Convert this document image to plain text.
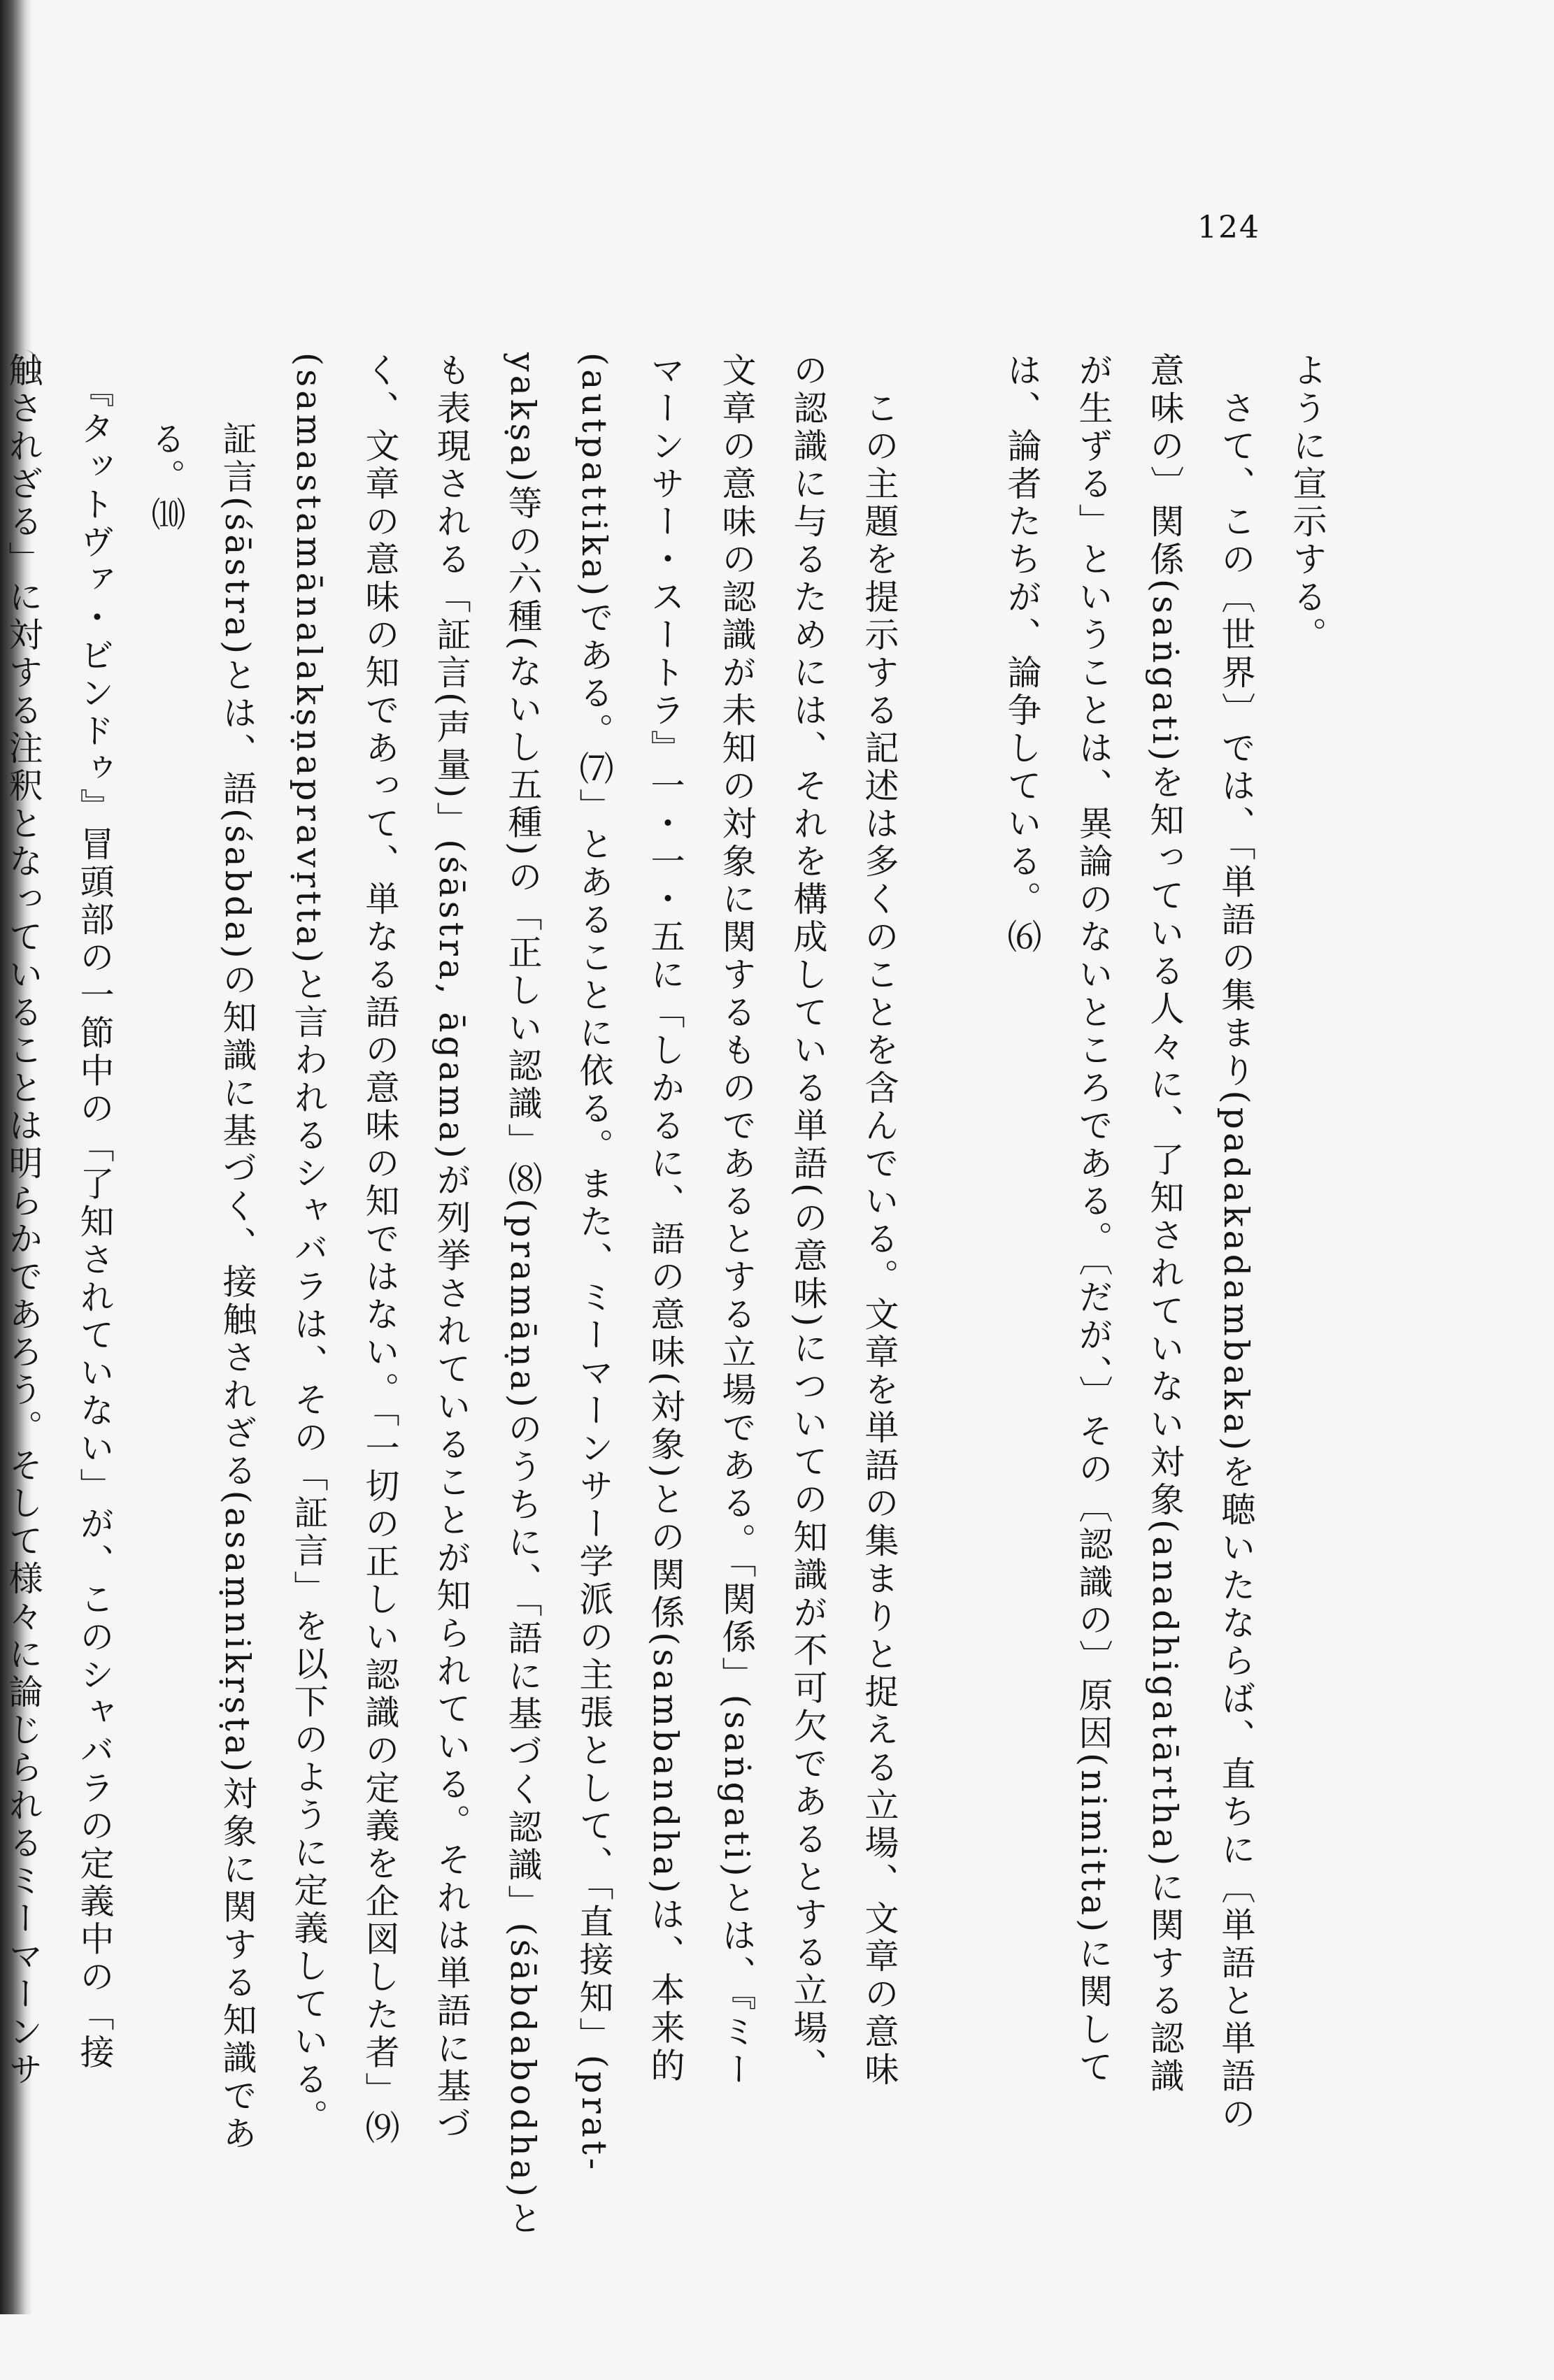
124
ように宣示する。
　さて、この〔世界〕では、「単語の集まり(padakadambaka)を聴いたならば、直ちに〔単語と単語の
意味の〕関係(saṅgati)を知っている人々に、了知されていない対象(anadhigatārtha)に関する認識
が生ずる」ということは、異論のないところである。〔だが、〕その〔認識の〕原因(nimitta)に関して
は、論者たちが、論争している。⑹
　この主題を提示する記述は多くのことを含んでいる。文章を単語の集まりと捉える立場、文章の意味
の認識に与るためには、それを構成している単語(の意味)についての知識が不可欠であるとする立場、
文章の意味の認識が未知の対象に関するものであるとする立場である。「関係」(saṅgati)とは、『ミー
マーンサー・スートラ』一・一・五に「しかるに、語の意味(対象)との関係(sambandha)は、本来的
(autpattika)である。⑺」とあることに依る。また、ミーマーンサー学派の主張として、「直接知」(prat-
yakṣa)等の六種(ないし五種)の「正しい認識」⑻(pramāṇa)のうちに、「語に基づく認識」(śābdabodha)と
も表現される「証言(声量)」(śāstra, āgama)が列挙されていることが知られている。それは単語に基づ
く、文章の意味の知であって、単なる語の意味の知ではない。「一切の正しい認識の定義を企図した者」⑼
(samastamānalakṣṇapravṛtta)と言われるシャバラは、その「証言」を以下のように定義している。
証言(śāstra)とは、語(śabda)の知識に基づく、接触されざる(asaṃnikṛṣṭa)対象に関する知識であ
る。⑽
　『タットヴァ・ビンドゥ』冒頭部の一節中の「了知されていない」が、このシャバラの定義中の「接
触されざる」に対する注釈となっていることは明らかであろう。そして様々に論じられるミーマーンサ
